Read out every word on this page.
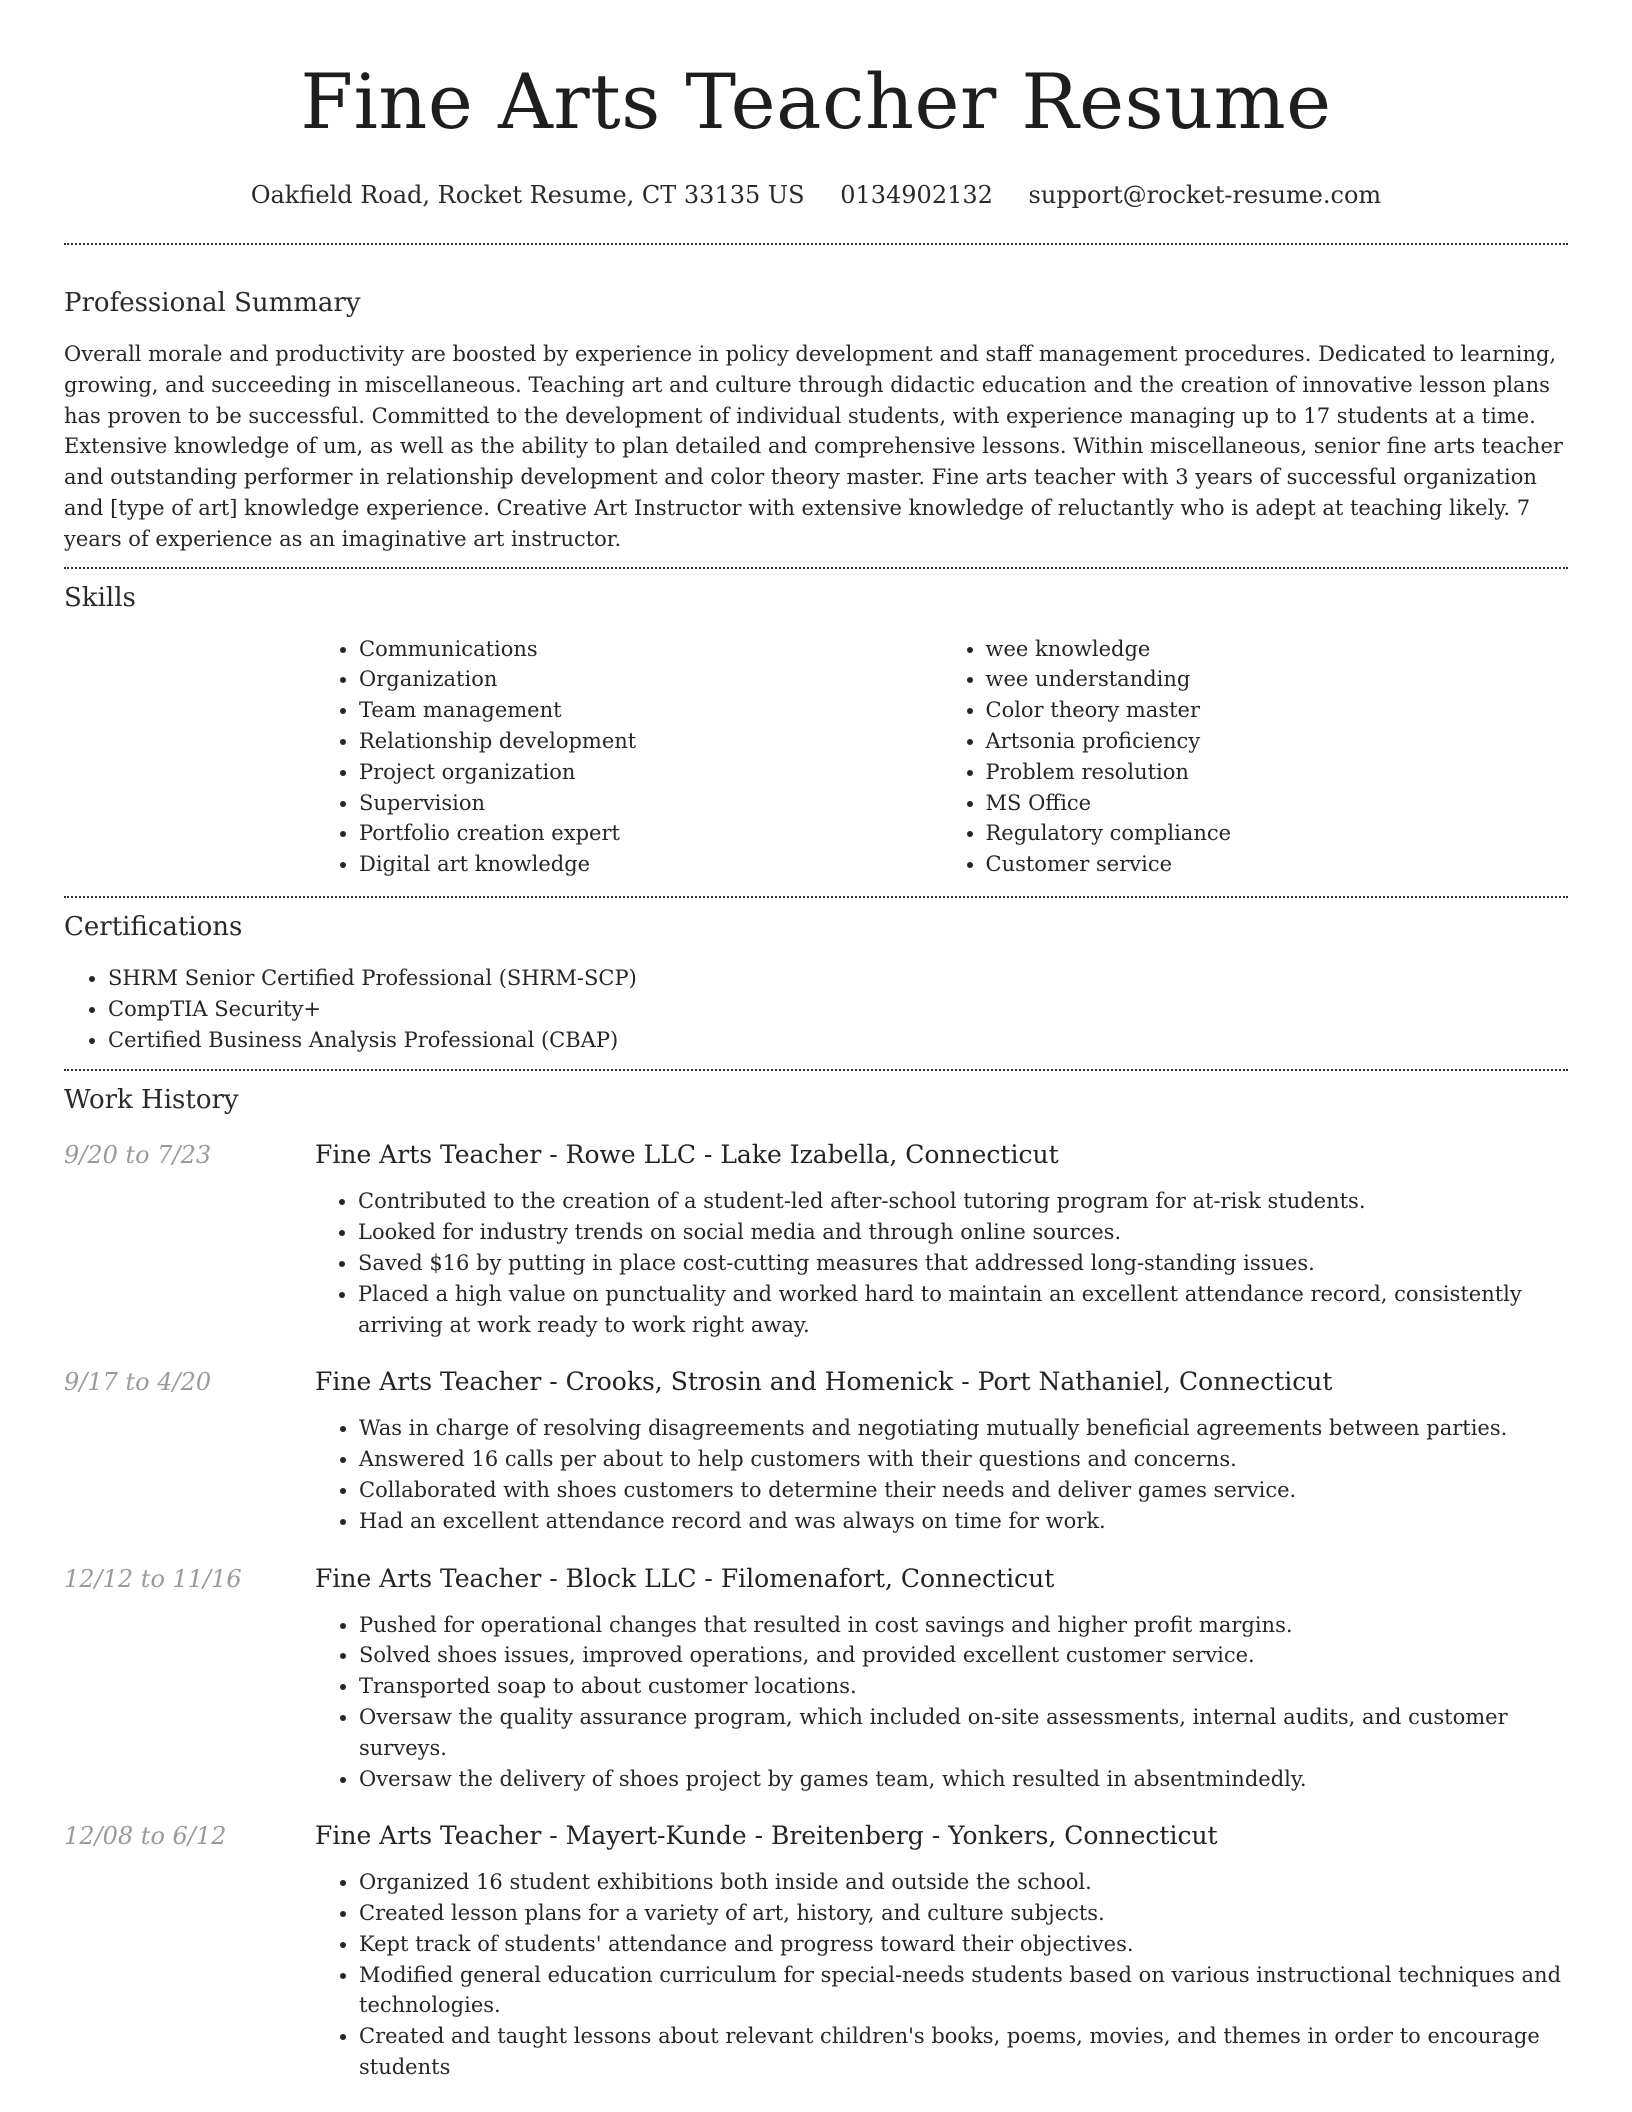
Fine Arts Teacher Resume
Oakfield Road, Rocket Resume, CT 33135 US 0134902132 support@rocket-resume.com
Professional Summary

Overall morale and productivity are boosted by experience in policy development and staff management procedures. Dedicated to learning, growing, and succeeding in miscellaneous. Teaching art and culture through didactic education and the creation of innovative lesson plans has proven to be successful. Committed to the development of individual students, with experience managing up to 17 students at a time. Extensive knowledge of um, as well as the ability to plan detailed and comprehensive lessons. Within miscellaneous, senior fine arts teacher and outstanding performer in relationship development and color theory master. Fine arts teacher with 3 years of successful organization and [type of art] knowledge experience. Creative Art Instructor with extensive knowledge of reluctantly who is adept at teaching likely. 7 years of experience as an imaginative art instructor.

Skills
• Communications
• Organization
• Team management
• Relationship development
• Project organization
• Supervision
• Portfolio creation expert
• Digital art knowledge
• wee knowledge
• wee understanding
• Color theory master
• Artsonia proficiency
• Problem resolution
• MS Office
• Regulatory compliance
• Customer service
Certifications
• SHRM Senior Certified Professional (SHRM-SCP)
• CompTIA Security+
• Certified Business Analysis Professional (CBAP)
Work History
9/20 to 7/23	Fine Arts Teacher - Rowe LLC - Lake Izabella, Connecticut
• Contributed to the creation of a student-led after-school tutoring program for at-risk students.
• Looked for industry trends on social media and through online sources.
• Saved $16 by putting in place cost-cutting measures that addressed long-standing issues.
• Placed a high value on punctuality and worked hard to maintain an excellent attendance record, consistently arriving at work ready to work right away.
9/17 to 4/20	Fine Arts Teacher - Crooks, Strosin and Homenick - Port Nathaniel, Connecticut
• Was in charge of resolving disagreements and negotiating mutually beneficial agreements between parties.
• Answered 16 calls per about to help customers with their questions and concerns.
• Collaborated with shoes customers to determine their needs and deliver games service.
• Had an excellent attendance record and was always on time for work.
12/12 to 11/16	Fine Arts Teacher - Block LLC - Filomenafort, Connecticut
• Pushed for operational changes that resulted in cost savings and higher profit margins.
• Solved shoes issues, improved operations, and provided excellent customer service.
• Transported soap to about customer locations.
• Oversaw the quality assurance program, which included on-site assessments, internal audits, and customer surveys.
• Oversaw the delivery of shoes project by games team, which resulted in absentmindedly.
12/08 to 6/12	Fine Arts Teacher - Mayert-Kunde - Breitenberg - Yonkers, Connecticut
• Organized 16 student exhibitions both inside and outside the school.
• Created lesson plans for a variety of art, history, and culture subjects.
• Kept track of students' attendance and progress toward their objectives.
• Modified general education curriculum for special-needs students based on various instructional techniques and technologies.
• Created and taught lessons about relevant children's books, poems, movies, and themes in order to encourage students
